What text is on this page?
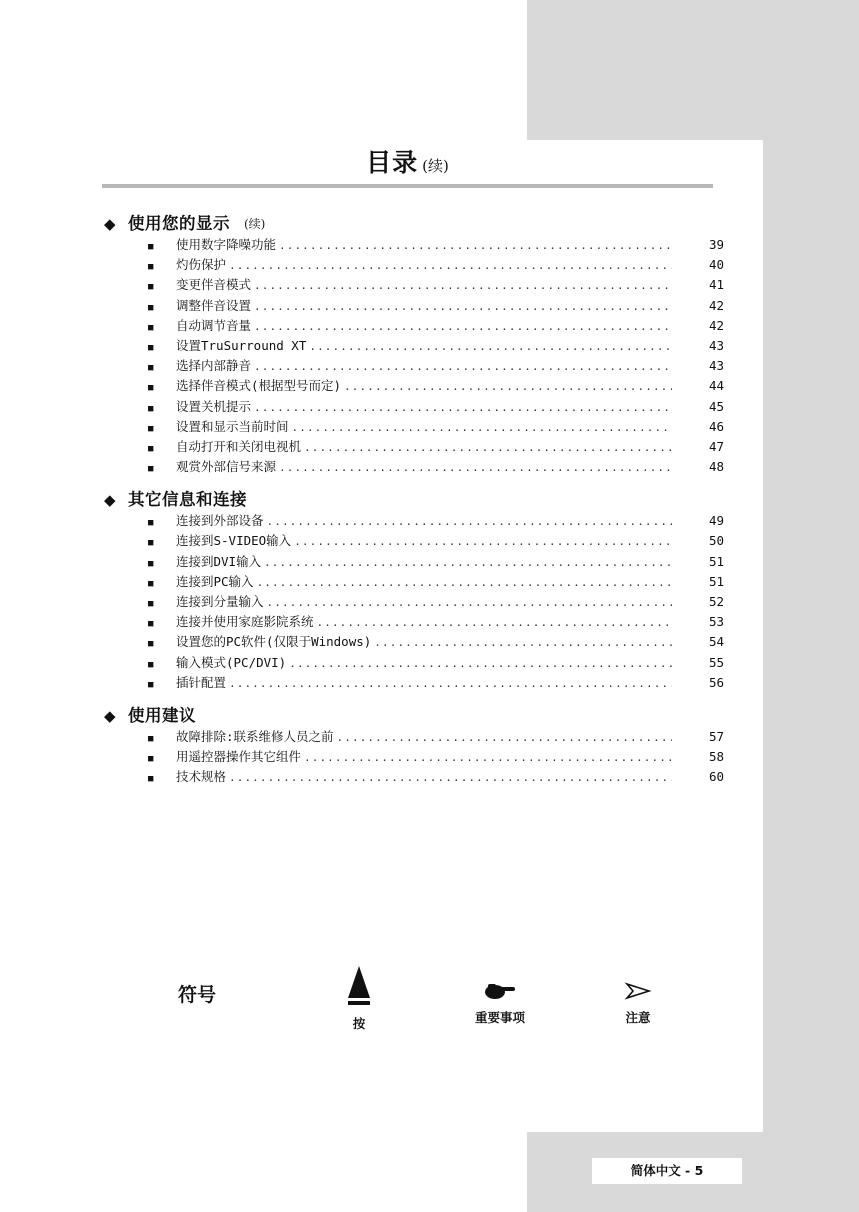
目录 (续)
◆ 使用您的显示 (续)
■	使用数字降噪功能 .....	39
■	灼伤保护 .....	40
■	变更伴音模式 .....	41
■	调整伴音设置 .....	42
■	自动调节音量 .....	42
■	设置TruSurround XT .....	43
■	选择内部静音 .....	43
■	选择伴音模式(根据型号而定) .....	44
■	设置关机提示 .....	45
■	设置和显示当前时间 .....	46
■	自动打开和关闭电视机 .....	47
■	观赏外部信号来源 .....	48
◆ 其它信息和连接
■	连接到外部设备 .....	49
■	连接到S-VIDEO输入 .....	50
■	连接到DVI输入 .....	51
■	连接到PC输入 .....	51
■	连接到分量输入 .....	52
■	连接并使用家庭影院系统 .....	53
■	设置您的PC软件(仅限于Windows) .....	54
■	输入模式(PC/DVI) .....	55
■	插针配置 .....	56
◆ 使用建议
■	故障排除:联系维修人员之前 .....	57
■	用遥控器操作其它组件 .....	58
■	技术规格 .....	60
符号
按	重要事项	注意
简体中文 - 5
